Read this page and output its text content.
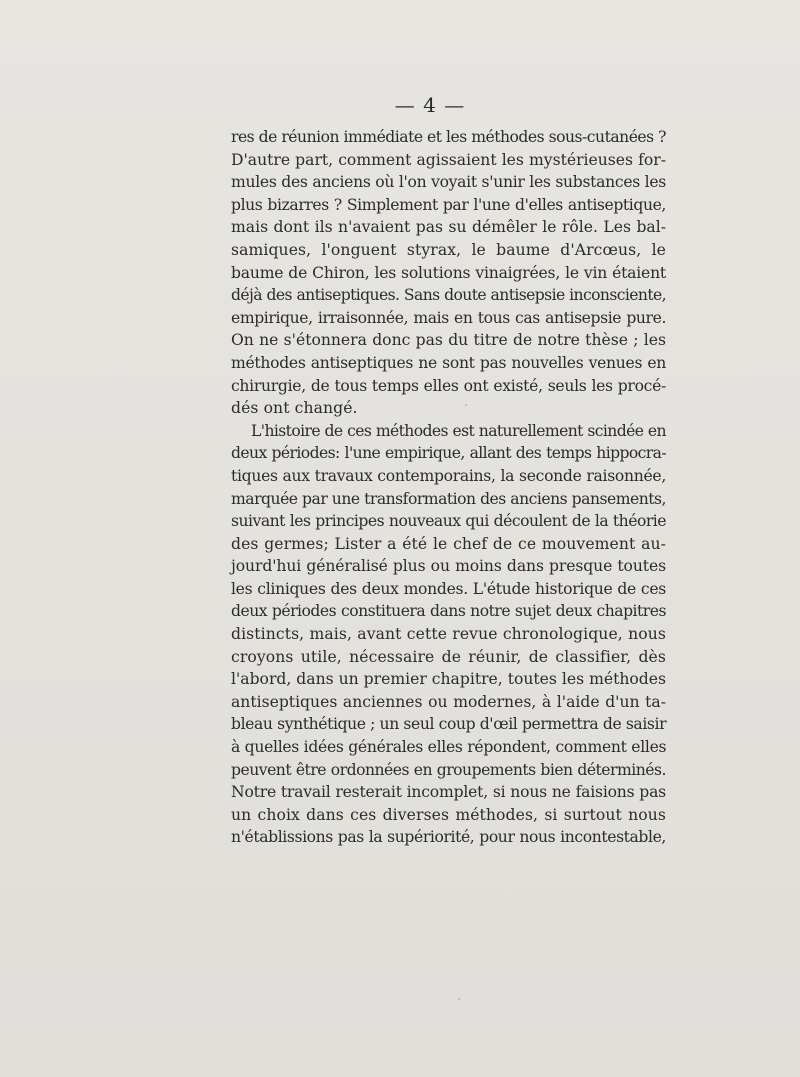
— 4 —
res de réunion immédiate et les méthodes sous-cutanées ?
D'autre part, comment agissaient les mystérieuses for-
mules des anciens où l'on voyait s'unir les substances les
plus bizarres ? Simplement par l'une d'elles antiseptique,
mais dont ils n'avaient pas su démêler le rôle. Les bal-
samiques, l'onguent styrax, le baume d'Arcœus, le
baume de Chiron, les solutions vinaigrées, le vin étaient
déjà des antiseptiques. Sans doute antisepsie inconsciente,
empirique, irraisonnée, mais en tous cas antisepsie pure.
On ne s'étonnera donc pas du titre de notre thèse ; les
méthodes antiseptiques ne sont pas nouvelles venues en
chirurgie, de tous temps elles ont existé, seuls les procé-
dés ont changé.
L'histoire de ces méthodes est naturellement scindée en
deux périodes: l'une empirique, allant des temps hippocra-
tiques aux travaux contemporains, la seconde raisonnée,
marquée par une transformation des anciens pansements,
suivant les principes nouveaux qui découlent de la théorie
des germes; Lister a été le chef de ce mouvement au-
jourd'hui généralisé plus ou moins dans presque toutes
les cliniques des deux mondes. L'étude historique de ces
deux périodes constituera dans notre sujet deux chapitres
distincts, mais, avant cette revue chronologique, nous
croyons utile, nécessaire de réunir, de classifier, dès
l'abord, dans un premier chapitre, toutes les méthodes
antiseptiques anciennes ou modernes, à l'aide d'un ta-
bleau synthétique ; un seul coup d'œil permettra de saisir
à quelles idées générales elles répondent, comment elles
peuvent être ordonnées en groupements bien déterminés.
Notre travail resterait incomplet, si nous ne faisions pas
un choix dans ces diverses méthodes, si surtout nous
n'établissions pas la supériorité, pour nous incontestable,
